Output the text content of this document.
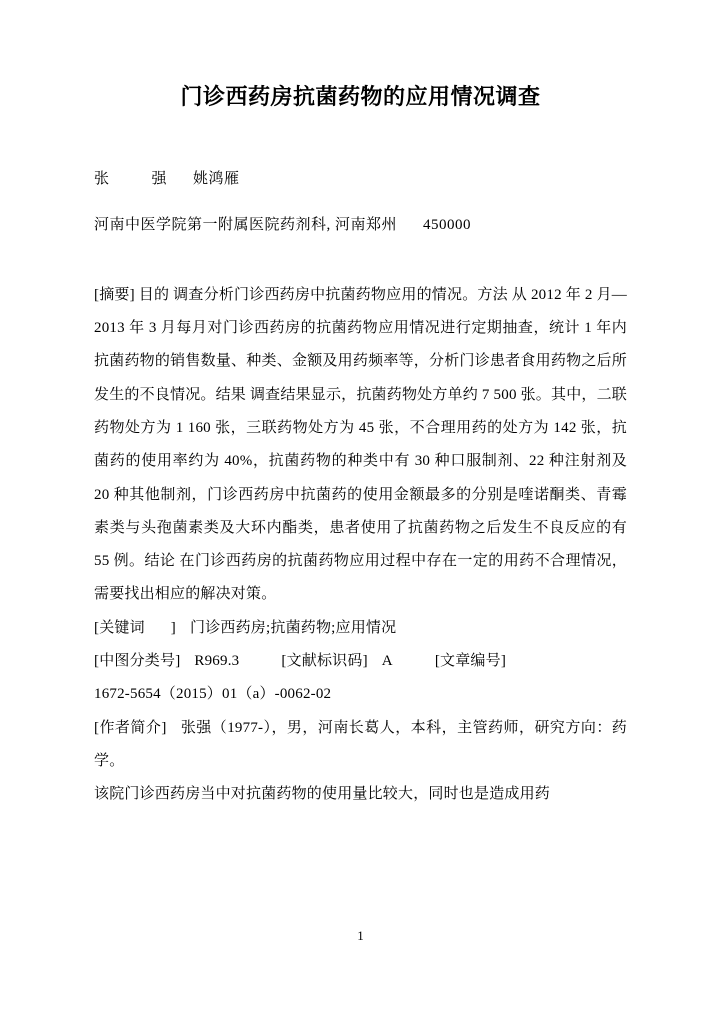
门诊西药房抗菌药物的应用情况调查
张	强 姚鸿雁
河南中医学院第一附属医院药剂科, 河南郑州 450000
[摘要] 目的 调查分析门诊西药房中抗菌药物应用的情况。方法 从 2012 年 2 月—2013 年 3 月每月对门诊西药房的抗菌药物应用情况进行定期抽查，统计 1 年内抗菌药物的销售数量、种类、金额及用药频率等，分析门诊患者食用药物之后所发生的不良情况。结果 调查结果显示，抗菌药物处方单约 7 500 张。其中，二联药物处方为 1 160 张，三联药物处方为 45 张，不合理用药的处方为 142 张，抗菌药的使用率约为 40%，抗菌药物的种类中有 30 种口服制剂、22 种注射剂及 20 种其他制剂，门诊西药房中抗菌药的使用金额最多的分别是喹诺酮类、青霉素类与头孢菌素类及大环内酯类，患者使用了抗菌药物之后发生不良反应的有 55 例。结论 在门诊西药房的抗菌药物应用过程中存在一定的用药不合理情况，需要找出相应的解决对策。
[关键词 ] 门诊西药房;抗菌药物;应用情况
[中图分类号] R969.3	[文献标识码] A	[文章编号]
1672-5654（2015）01（a）-0062-02
[作者简介] 张强（1977-），男，河南长葛人，本科，主管药师，研究方向：药学。
该院门诊西药房当中对抗菌药物的使用量比较大，同时也是造成用药
1
